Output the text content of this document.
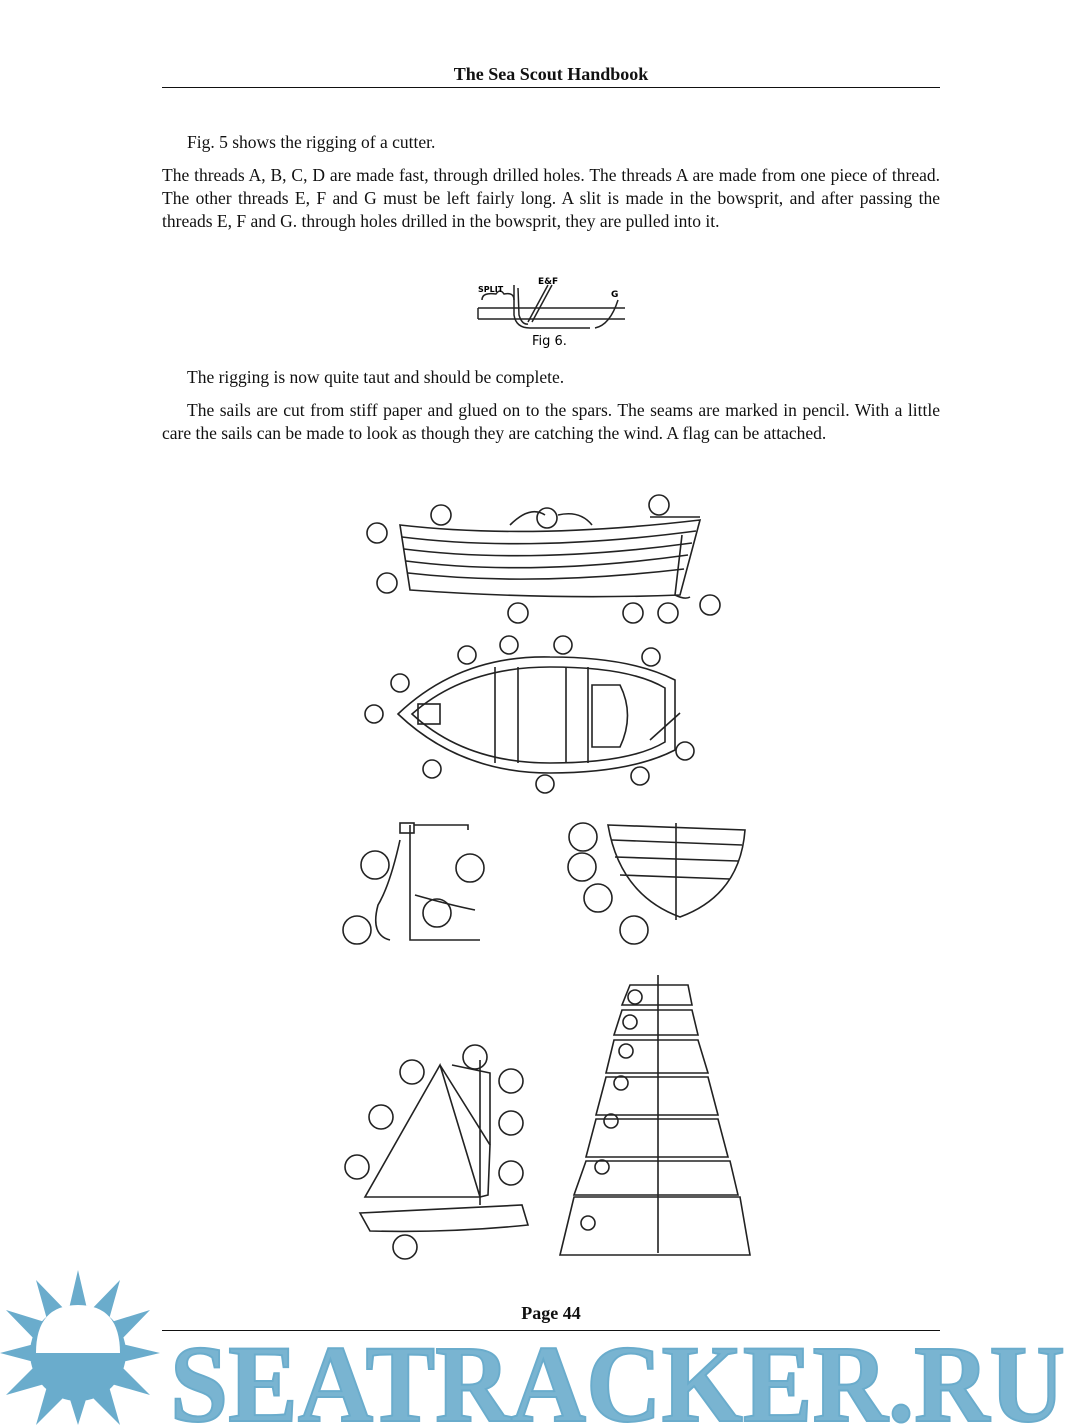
The Sea Scout Handbook
Fig. 5 shows the rigging of a cutter.
The threads A, B, C, D are made fast, through drilled holes. The threads A are made from one piece of thread. The other threads E, F and G must be left fairly long. A slit is made in the bowsprit, and after passing the threads E, F and G. through holes drilled in the bowsprit, they are pulled into it.
SPLIT
E&F
G
Fig 6.
The rigging is now quite taut and should be complete.
The sails are cut from stiff paper and glued on to the spars. The seams are marked in pencil. With a little care the sails can be made to look as though they are catching the wind. A flag can be attached.
Page 44
SEATRACKER.RU
